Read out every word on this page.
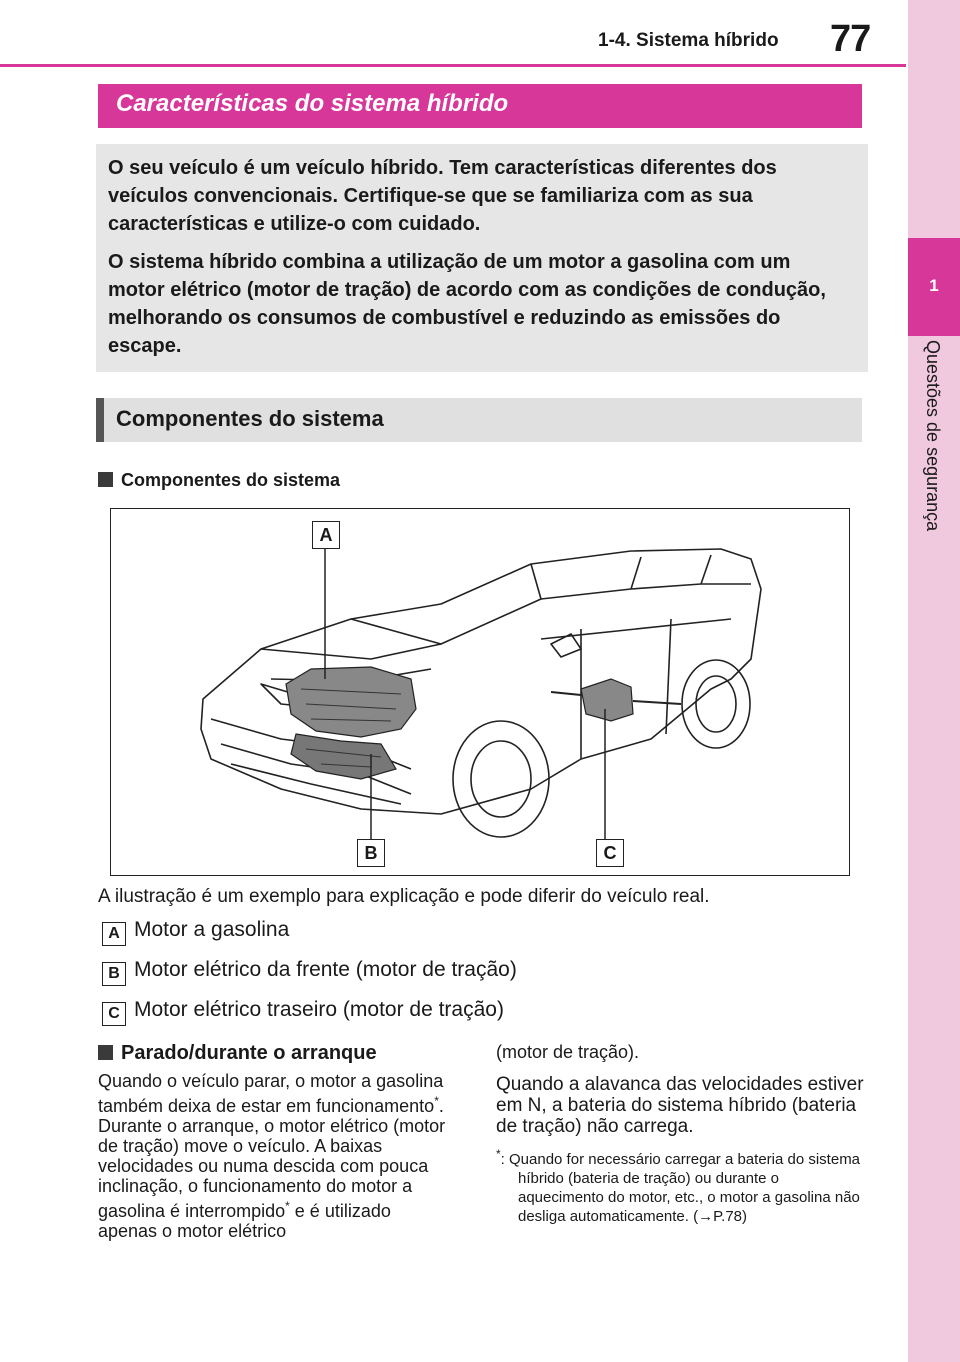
1-4. Sistema híbrido 77
1
Questões de segurança
Características do sistema híbrido

O seu veículo é um veículo híbrido. Tem características diferentes dos veículos convencionais. Certifique-se que se familiariza com as sua características e utilize-o com cuidado.

O sistema híbrido combina a utilização de um motor a gasolina com um motor elétrico (motor de tração) de acordo com as condições de condução, melhorando os consumos de combustível e reduzindo as emissões do escape.

Componentes do sistema
Componentes do sistema
A
B	C
A ilustração é um exemplo para explicação e pode diferir do veículo real.
A Motor a gasolina
B Motor elétrico da frente (motor de tração)
C Motor elétrico traseiro (motor de tração)
Parado/durante o arranque

Quando o veículo parar, o motor a gasolina também deixa de estar em funcionamento*. Durante o arranque, o motor elétrico (motor de tração) move o veículo. A baixas velocidades ou numa descida com pouca inclinação, o funcionamento do motor a gasolina é interrompido* e é utilizado apenas o motor elétrico

(motor de tração).

Quando a alavanca das velocidades estiver em N, a bateria do sistema híbrido (bateria de tração) não carrega.

*: Quando for necessário carregar a bateria do sistema híbrido (bateria de tração) ou durante o aquecimento do motor, etc., o motor a gasolina não desliga automaticamente. (→P.78)
